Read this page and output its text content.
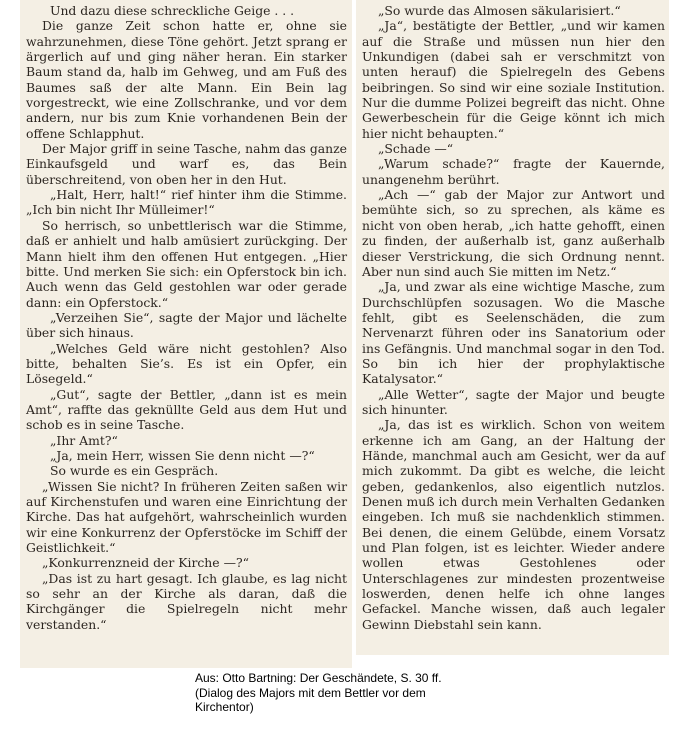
Und dazu diese schreckliche Geige . . .

Die ganze Zeit schon hatte er, ohne sie wahrzunehmen, diese Töne gehört. Jetzt sprang er ärgerlich auf und ging näher heran. Ein starker Baum stand da, halb im Gehweg, und am Fuß des Baumes saß der alte Mann. Ein Bein lag vorgestreckt, wie eine Zollschranke, und vor dem andern, nur bis zum Knie vorhandenen Bein der offene Schlapphut.

Der Major griff in seine Tasche, nahm das ganze Einkaufsgeld und warf es, das Bein überschreitend, von oben her in den Hut.

„Halt, Herr, halt!“ rief hinter ihm die Stimme. „Ich bin nicht Ihr Mülleimer!“

So herrisch, so unbettlerisch war die Stimme, daß er anhielt und halb amüsiert zurückging. Der Mann hielt ihm den offenen Hut entgegen. „Hier bitte. Und merken Sie sich: ein Opferstock bin ich. Auch wenn das Geld gestohlen war oder gerade dann: ein Opferstock.“

„Verzeihen Sie“, sagte der Major und lächelte über sich hinaus.

„Welches Geld wäre nicht gestohlen? Also bitte, behalten Sie’s. Es ist ein Opfer, ein Lösegeld.“

„Gut“, sagte der Bettler, „dann ist es mein Amt“, raffte das geknüllte Geld aus dem Hut und schob es in seine Tasche.

„Ihr Amt?“

„Ja, mein Herr, wissen Sie denn nicht —?“

So wurde es ein Gespräch.

„Wissen Sie nicht? In früheren Zeiten saßen wir auf Kirchenstufen und waren eine Einrichtung der Kirche. Das hat aufgehört, wahrscheinlich wurden wir eine Konkurrenz der Opferstöcke im Schiff der Geistlichkeit.“

„Konkurrenzneid der Kirche —?“

„Das ist zu hart gesagt. Ich glaube, es lag nicht so sehr an der Kirche als daran, daß die Kirchgänger die Spielregeln nicht mehr verstanden.“

„So wurde das Almosen säkularisiert.“

„Ja“, bestätigte der Bettler, „und wir kamen auf die Straße und müssen nun hier den Unkundigen (dabei sah er verschmitzt von unten herauf) die Spielregeln des Gebens beibringen. So sind wir eine soziale Institution. Nur die dumme Polizei begreift das nicht. Ohne Gewerbeschein für die Geige könnt ich mich hier nicht behaupten.“

„Schade —“

„Warum schade?“ fragte der Kauernde, unangenehm berührt.

„Ach —“ gab der Major zur Antwort und bemühte sich, so zu sprechen, als käme es nicht von oben herab, „ich hatte gehofft, einen zu finden, der außerhalb ist, ganz außerhalb dieser Verstrickung, die sich Ordnung nennt. Aber nun sind auch Sie mitten im Netz.“

„Ja, und zwar als eine wichtige Masche, zum Durchschlüpfen sozusagen. Wo die Masche fehlt, gibt es Seelenschäden, die zum Nervenarzt führen oder ins Sanatorium oder ins Gefängnis. Und manchmal sogar in den Tod. So bin ich hier der prophylaktische Katalysator.“

„Alle Wetter“, sagte der Major und beugte sich hinunter.

„Ja, das ist es wirklich. Schon von weitem erkenne ich am Gang, an der Haltung der Hände, manchmal auch am Gesicht, wer da auf mich zukommt. Da gibt es welche, die leicht geben, gedankenlos, also eigentlich nutzlos. Denen muß ich durch mein Verhalten Gedanken eingeben. Ich muß sie nachdenklich stimmen. Bei denen, die einem Gelübde, einem Vorsatz und Plan folgen, ist es leichter. Wieder andere wollen etwas Gestohlenes oder Unterschlagenes zur mindesten prozentweise loswerden, denen helfe ich ohne langes Gefackel. Manche wissen, daß auch legaler Gewinn Diebstahl sein kann.

Aus: Otto Bartning: Der Geschändete, S. 30 ff.
(Dialog des Majors mit dem Bettler vor dem
Kirchentor)
